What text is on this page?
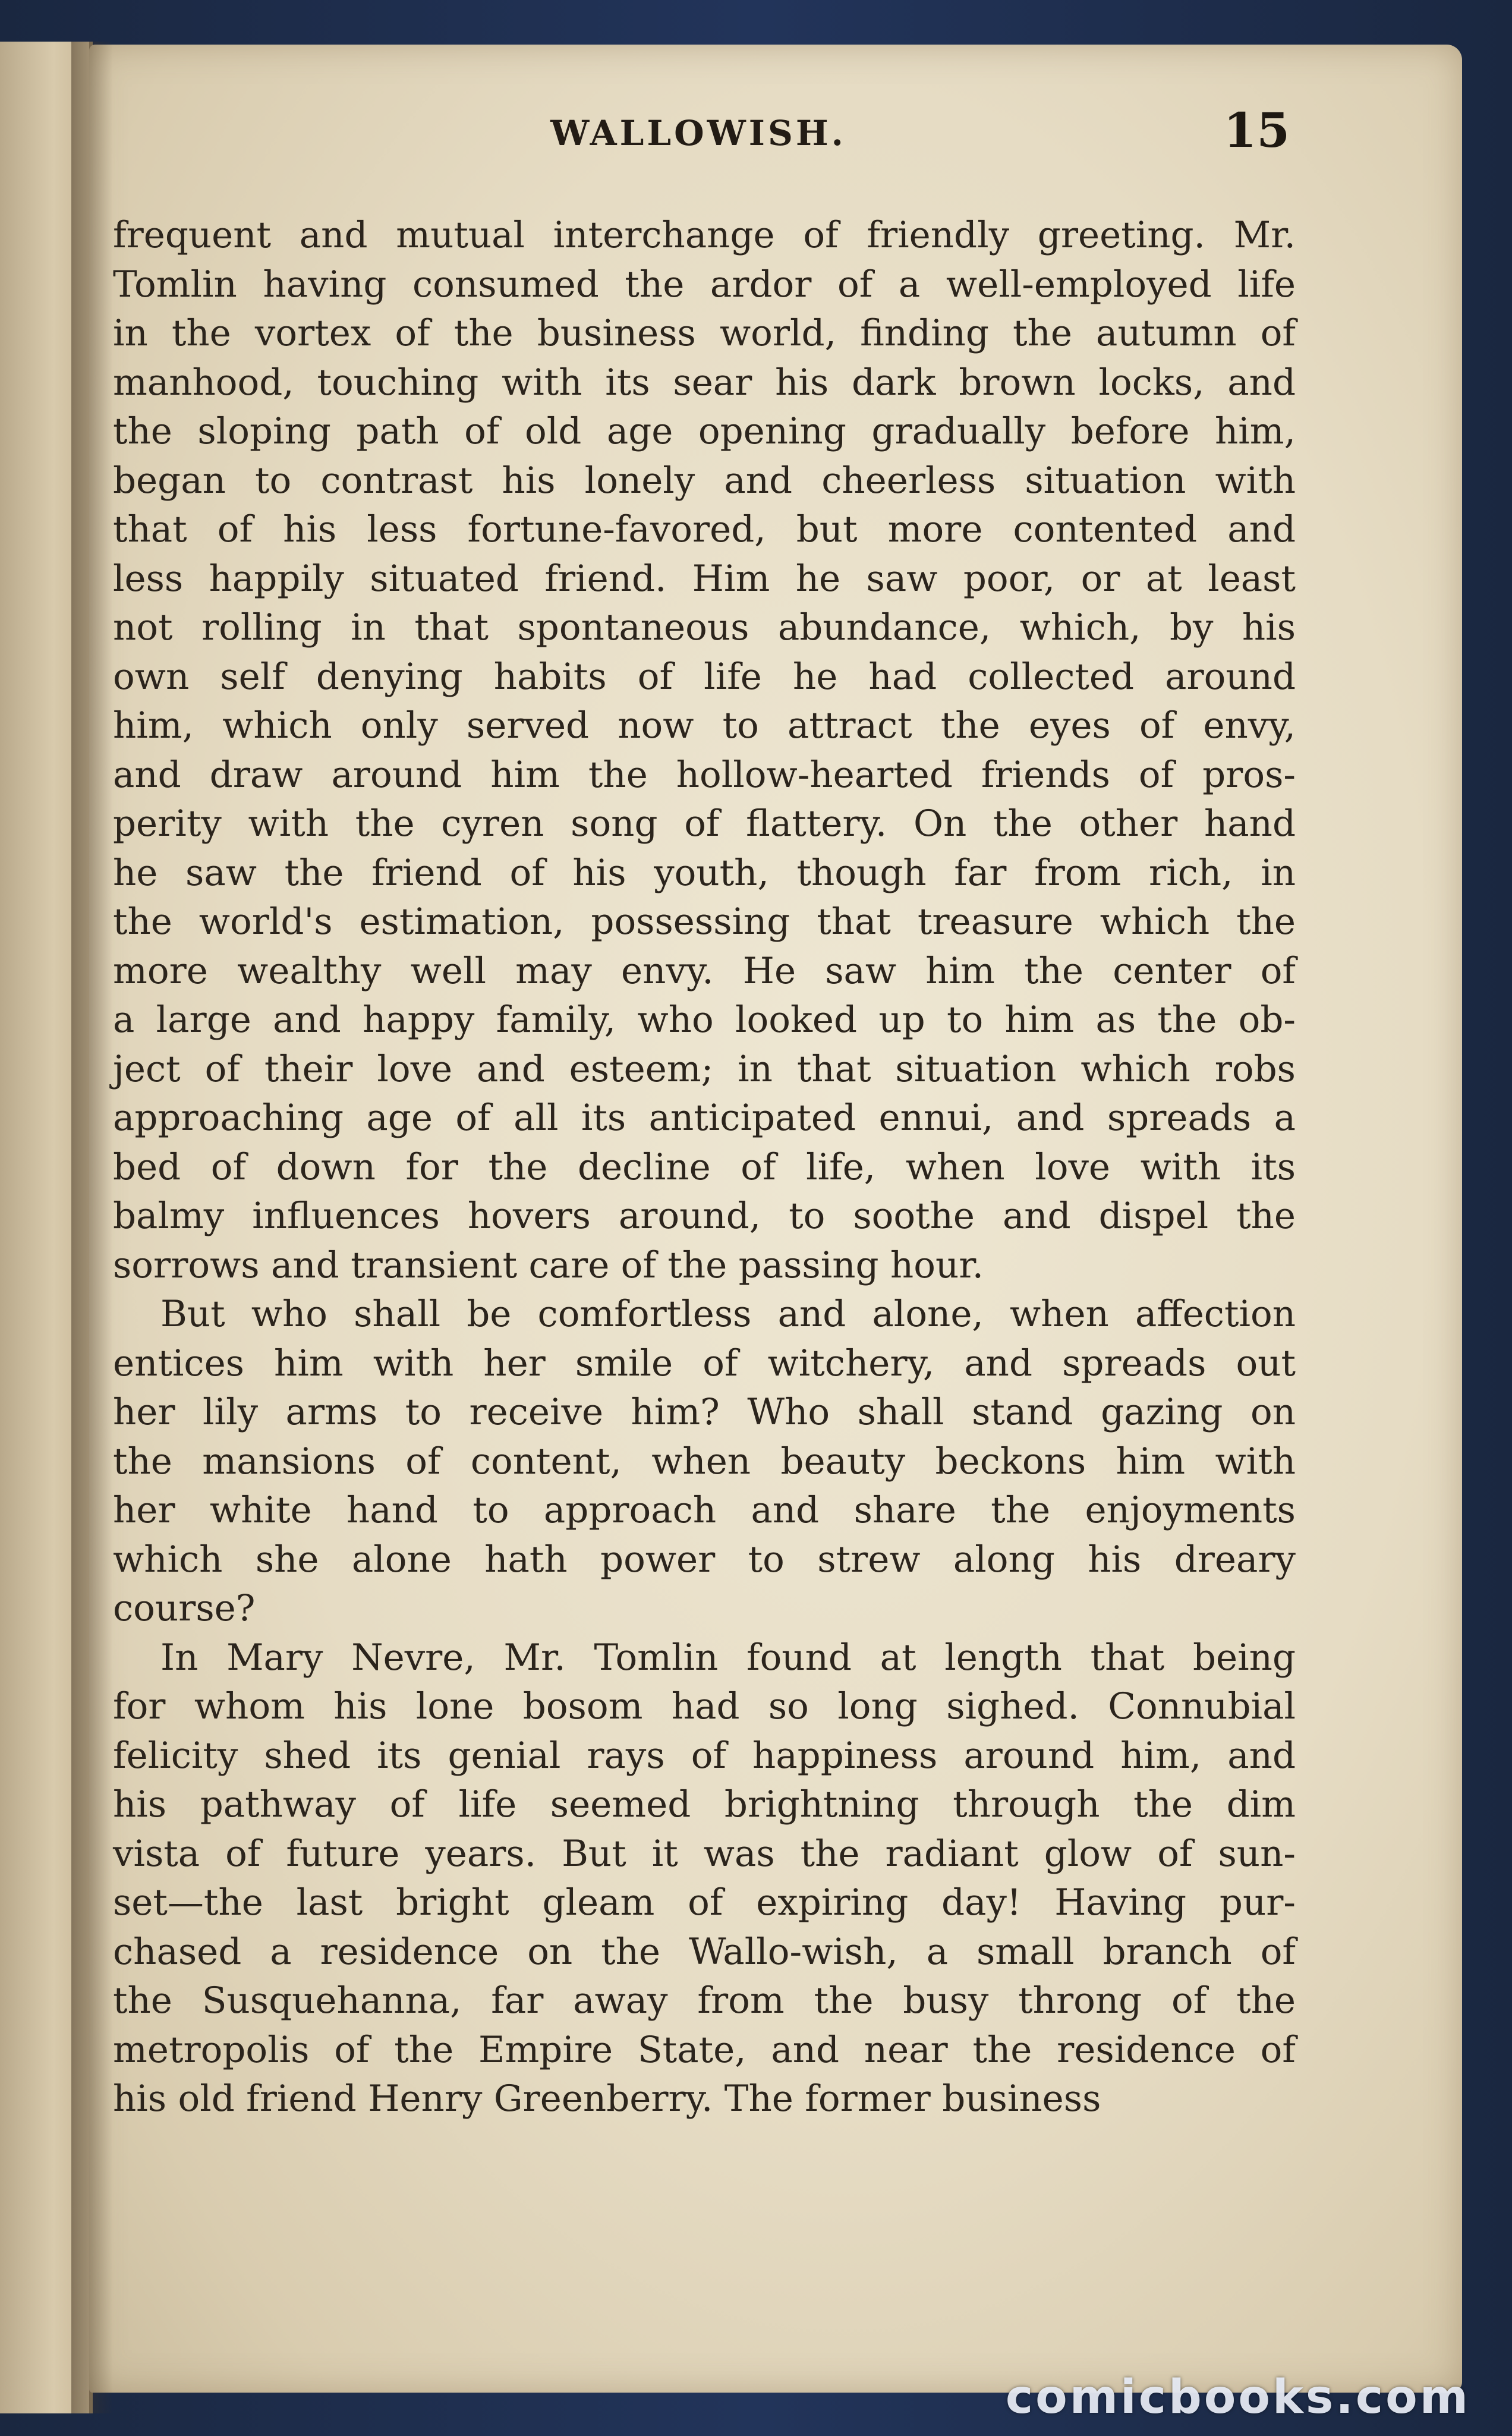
WALLOWISH.	15

frequent and mutual interchange of friendly greeting. Mr.
Tomlin having consumed the ardor of a well-employed life
in the vortex of the business world, finding the autumn of
manhood, touching with its sear his dark brown locks, and
the sloping path of old age opening gradually before him,
began to contrast his lonely and cheerless situation with
that of his less fortune-favored, but more contented and
less happily situated friend. Him he saw poor, or at least
not rolling in that spontaneous abundance, which, by his
own self denying habits of life he had collected around
him, which only served now to attract the eyes of envy,
and draw around him the hollow-hearted friends of pros-
perity with the cyren song of flattery. On the other hand
he saw the friend of his youth, though far from rich, in
the world's estimation, possessing that treasure which the
more wealthy well may envy. He saw him the center of
a large and happy family, who looked up to him as the ob-
ject of their love and esteem; in that situation which robs
approaching age of all its anticipated ennui, and spreads a
bed of down for the decline of life, when love with its
balmy influences hovers around, to soothe and dispel the
sorrows and transient care of the passing hour.

But who shall be comfortless and alone, when affection
entices him with her smile of witchery, and spreads out
her lily arms to receive him? Who shall stand gazing on
the mansions of content, when beauty beckons him with
her white hand to approach and share the enjoyments
which she alone hath power to strew along his dreary
course?

In Mary Nevre, Mr. Tomlin found at length that being
for whom his lone bosom had so long sighed. Connubial
felicity shed its genial rays of happiness around him, and
his pathway of life seemed brightning through the dim
vista of future years. But it was the radiant glow of sun-
set—the last bright gleam of expiring day! Having pur-
chased a residence on the Wallo-wish, a small branch of
the Susquehanna, far away from the busy throng of the
metropolis of the Empire State, and near the residence of
his old friend Henry Greenberry. The former business

comicbooks.com
